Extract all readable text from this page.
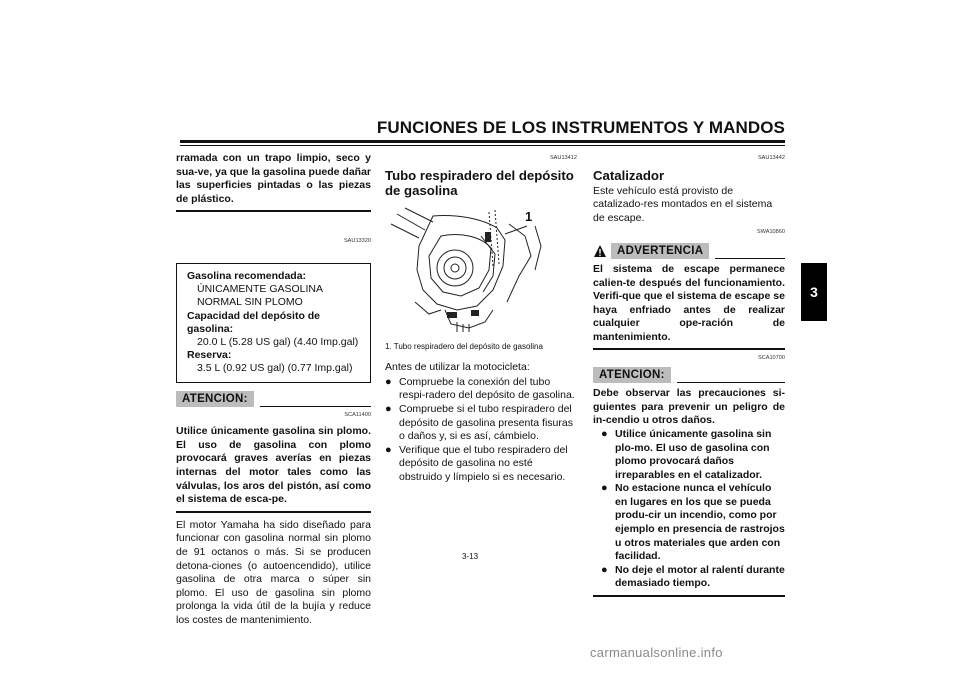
FUNCIONES DE LOS INSTRUMENTOS Y MANDOS
3
rramada con un trapo limpio, seco y sua-ve, ya que la gasolina puede dañar las superficies pintadas o las piezas de plástico.
SAU13320
Gasolina recomendada:
ÚNICAMENTE GASOLINA
NORMAL SIN PLOMO
Capacidad del depósito de gasolina:
20.0 L (5.28 US gal) (4.40 Imp.gal)
Reserva:
3.5 L (0.92 US gal) (0.77 Imp.gal)
ATENCION:
SCA11400
Utilice únicamente gasolina sin plomo. El uso de gasolina con plomo provocará graves averías en piezas internas del motor tales como las válvulas, los aros del pistón, así como el sistema de esca-pe.
El motor Yamaha ha sido diseñado para funcionar con gasolina normal sin plomo de 91 octanos o más. Si se producen detona-ciones (o autoencendido), utilice gasolina de otra marca o súper sin plomo. El uso de gasolina sin plomo prolonga la vida útil de la bujía y reduce los costes de mantenimiento.
SAU13412
Tubo respiradero del depósito de gasolina
1
1. Tubo respiradero del depósito de gasolina
Antes de utilizar la motocicleta:
● Compruebe la conexión del tubo respi-radero del depósito de gasolina.
● Compruebe si el tubo respiradero del depósito de gasolina presenta fisuras o daños y, si es así, cámbielo.
● Verifique que el tubo respiradero del depósito de gasolina no esté obstruido y límpielo si es necesario.
SAU13442
Catalizador
Este vehículo está provisto de catalizado-res montados en el sistema de escape.
SWA10860
ADVERTENCIA
El sistema de escape permanece calien-te después del funcionamiento. Verifi-que que el sistema de escape se haya enfriado antes de realizar cualquier ope-ración de mantenimiento.
SCA10700
ATENCION:
Debe observar las precauciones si-guientes para prevenir un peligro de in-cendio u otros daños.
● Utilice únicamente gasolina sin plo-mo. El uso de gasolina con plomo provocará daños irreparables en el catalizador.
● No estacione nunca el vehículo en lugares en los que se pueda produ-cir un incendio, como por ejemplo en presencia de rastrojos u otros materiales que arden con facilidad.
● No deje el motor al ralentí durante demasiado tiempo.
3-13
carmanualsonline.info
